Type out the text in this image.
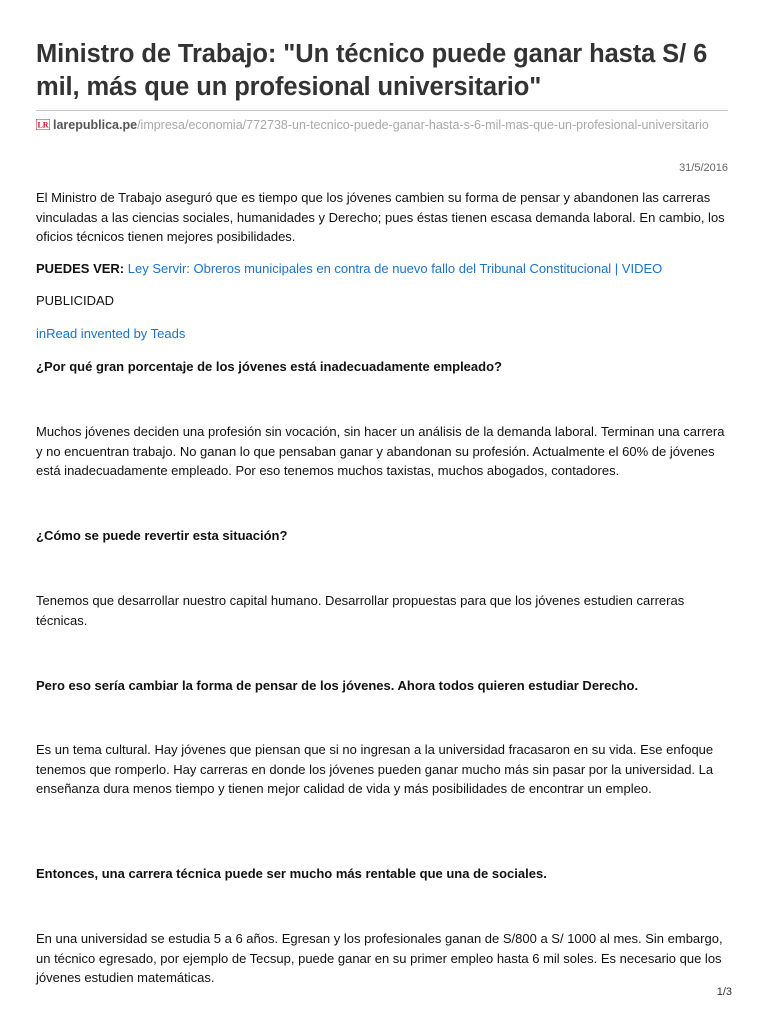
Ministro de Trabajo: "Un técnico puede ganar hasta S/ 6 mil, más que un profesional universitario"
LR larepublica.pe/impresa/economia/772738-un-tecnico-puede-ganar-hasta-s-6-mil-mas-que-un-profesional-universitario
31/5/2016

El Ministro de Trabajo aseguró que es tiempo que los jóvenes cambien su forma de pensar y abandonen las carreras vinculadas a las ciencias sociales, humanidades y Derecho; pues éstas tienen escasa demanda laboral. En cambio, los oficios técnicos tienen mejores posibilidades.

PUEDES VER: Ley Servir: Obreros municipales en contra de nuevo fallo del Tribunal Constitucional | VIDEO

PUBLICIDAD

inRead invented by Teads

¿Por qué gran porcentaje de los jóvenes está inadecuadamente empleado?

Muchos jóvenes deciden una profesión sin vocación, sin hacer un análisis de la demanda laboral. Terminan una carrera y no encuentran trabajo. No ganan lo que pensaban ganar y abandonan su profesión. Actualmente el 60% de jóvenes está inadecuadamente empleado. Por eso tenemos muchos taxistas, muchos abogados, contadores.

¿Cómo se puede revertir esta situación?

Tenemos que desarrollar nuestro capital humano. Desarrollar propuestas para que los jóvenes estudien carreras técnicas.

Pero eso sería cambiar la forma de pensar de los jóvenes. Ahora todos quieren estudiar Derecho.

Es un tema cultural. Hay jóvenes que piensan que si no ingresan a la universidad fracasaron en su vida. Ese enfoque tenemos que romperlo. Hay carreras en donde los jóvenes pueden ganar mucho más sin pasar por la universidad. La enseñanza dura menos tiempo y tienen mejor calidad de vida y más posibilidades de encontrar un empleo.

Entonces, una carrera técnica puede ser mucho más rentable que una de sociales.

En una universidad se estudia 5 a 6 años. Egresan y los profesionales ganan de S/800 a S/ 1000 al mes. Sin embargo, un técnico egresado, por ejemplo de Tecsup, puede ganar en su primer empleo hasta 6 mil soles. Es necesario que los jóvenes estudien matemáticas.

1/3
